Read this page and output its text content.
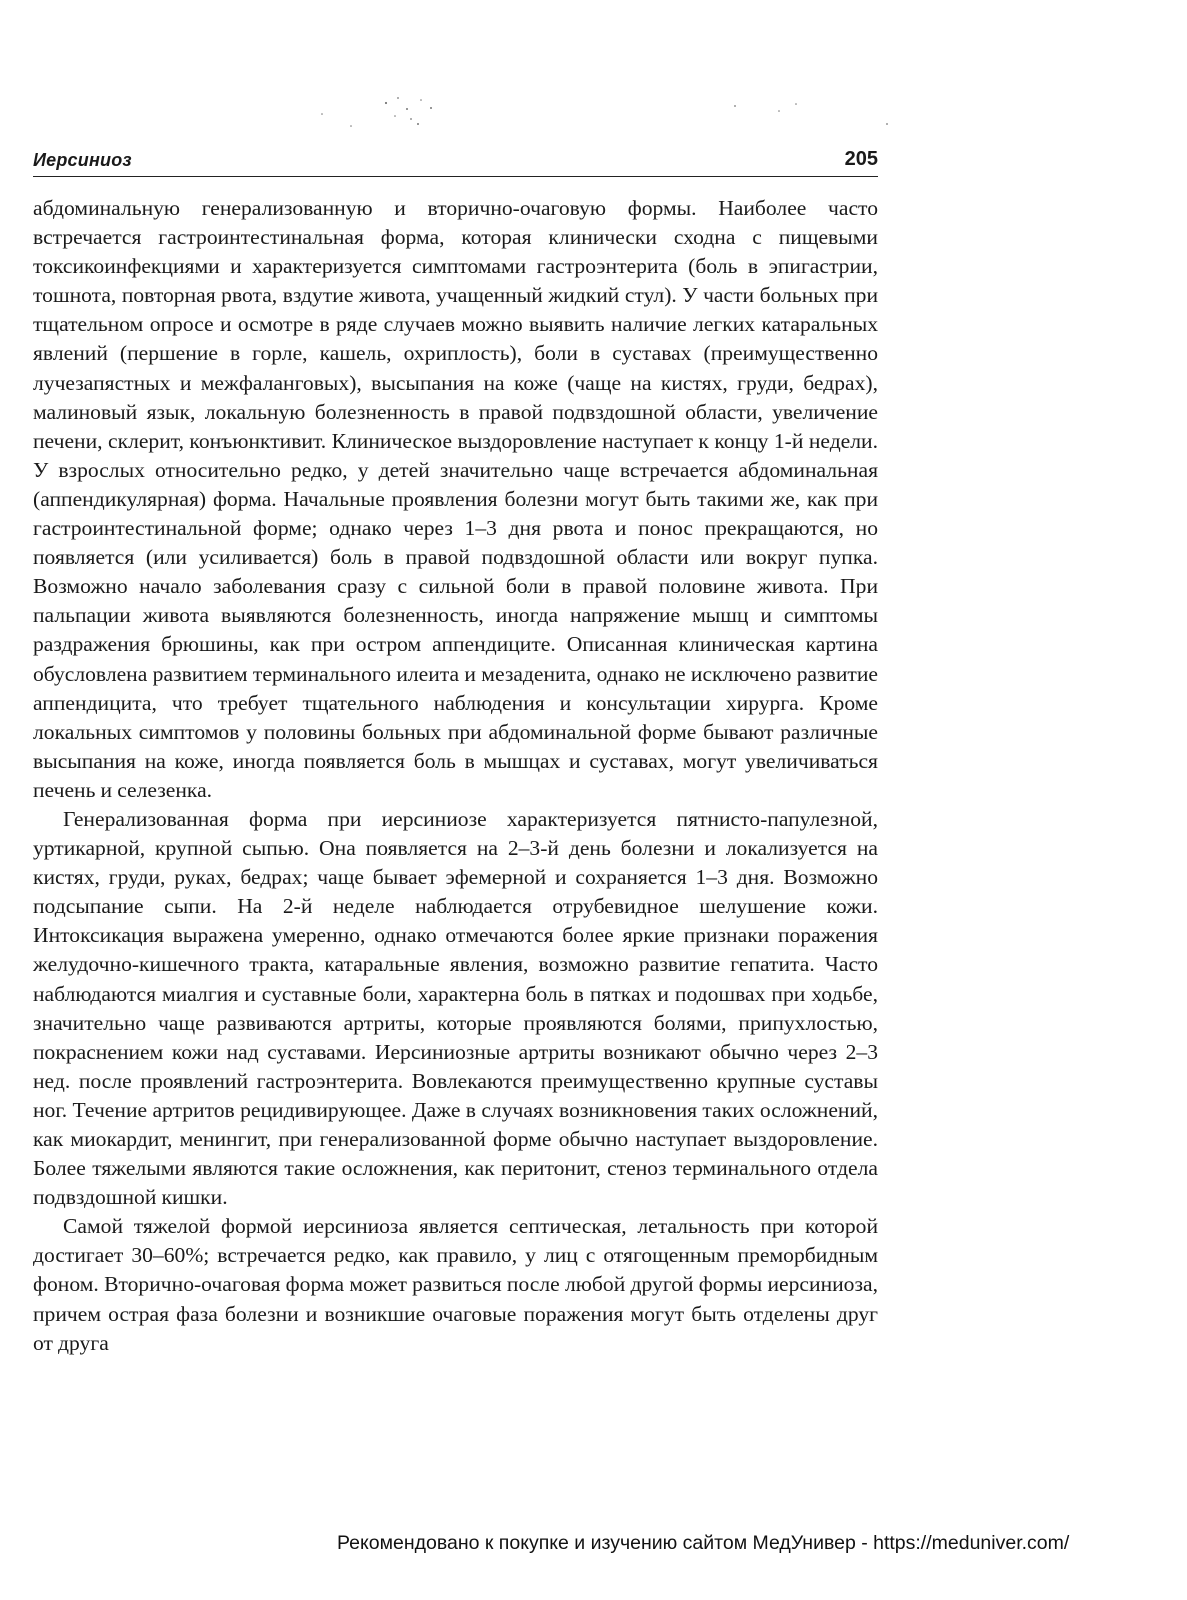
Иерсиниоз	205

абдоминальную генерализованную и вторично-очаговую формы. Наиболее часто встречается гастроинтестинальная форма, которая клинически сходна с пищевыми токсикоинфекциями и характеризуется симптомами гастроэнтерита (боль в эпигастрии, тошнота, повторная рвота, вздутие живота, учащенный жидкий стул). У части больных при тщательном опросе и осмотре в ряде случаев можно выявить наличие легких катаральных явлений (першение в горле, кашель, охриплость), боли в суставах (преимущественно лучезапястных и межфаланговых), высыпания на коже (чаще на кистях, груди, бедрах), малиновый язык, локальную болезненность в правой подвздошной области, увеличение печени, склерит, конъюнктивит. Клиническое выздоровление наступает к концу 1-й недели. У взрослых относительно редко, у детей значительно чаще встречается абдоминальная (аппендикулярная) форма. Начальные проявления болезни могут быть такими же, как при гастроинтестинальной форме; однако через 1–3 дня рвота и понос прекращаются, но появляется (или усиливается) боль в правой подвздошной области или вокруг пупка. Возможно начало заболевания сразу с сильной боли в правой половине живота. При пальпации живота выявляются болезненность, иногда напряжение мышц и симптомы раздражения брюшины, как при остром аппендиците. Описанная клиническая картина обусловлена развитием терминального илеита и мезаденита, однако не исключено развитие аппендицита, что требует тщательного наблюдения и консультации хирурга. Кроме локальных симптомов у половины больных при абдоминальной форме бывают различные высыпания на коже, иногда появляется боль в мышцах и суставах, могут увеличиваться печень и селезенка.

Генерализованная форма при иерсиниозе характеризуется пятнисто-папулезной, уртикарной, крупной сыпью. Она появляется на 2–3-й день болезни и локализуется на кистях, груди, руках, бедрах; чаще бывает эфемерной и сохраняется 1–3 дня. Возможно подсыпание сыпи. На 2-й неделе наблюдается отрубевидное шелушение кожи. Интоксикация выражена умеренно, однако отмечаются более яркие признаки поражения желудочно-кишечного тракта, катаральные явления, возможно развитие гепатита. Часто наблюдаются миалгия и суставные боли, характерна боль в пятках и подошвах при ходьбе, значительно чаще развиваются артриты, которые проявляются болями, припухлостью, покраснением кожи над суставами. Иерсиниозные артриты возникают обычно через 2–3 нед. после проявлений гастроэнтерита. Вовлекаются преимущественно крупные суставы ног. Течение артритов рецидивирующее. Даже в случаях возникновения таких осложнений, как миокардит, менингит, при генерализованной форме обычно наступает выздоровление. Более тяжелыми являются такие осложнения, как перитонит, стеноз терминального отдела подвздошной кишки.

Самой тяжелой формой иерсиниоза является септическая, летальность при которой достигает 30–60%; встречается редко, как правило, у лиц с отягощенным преморбидным фоном. Вторично-очаговая форма может развиться после любой другой формы иерсиниоза, причем острая фаза болезни и возникшие очаговые поражения могут быть отделены друг от друга

Рекомендовано к покупке и изучению сайтом МедУнивер - https://meduniver.com/
